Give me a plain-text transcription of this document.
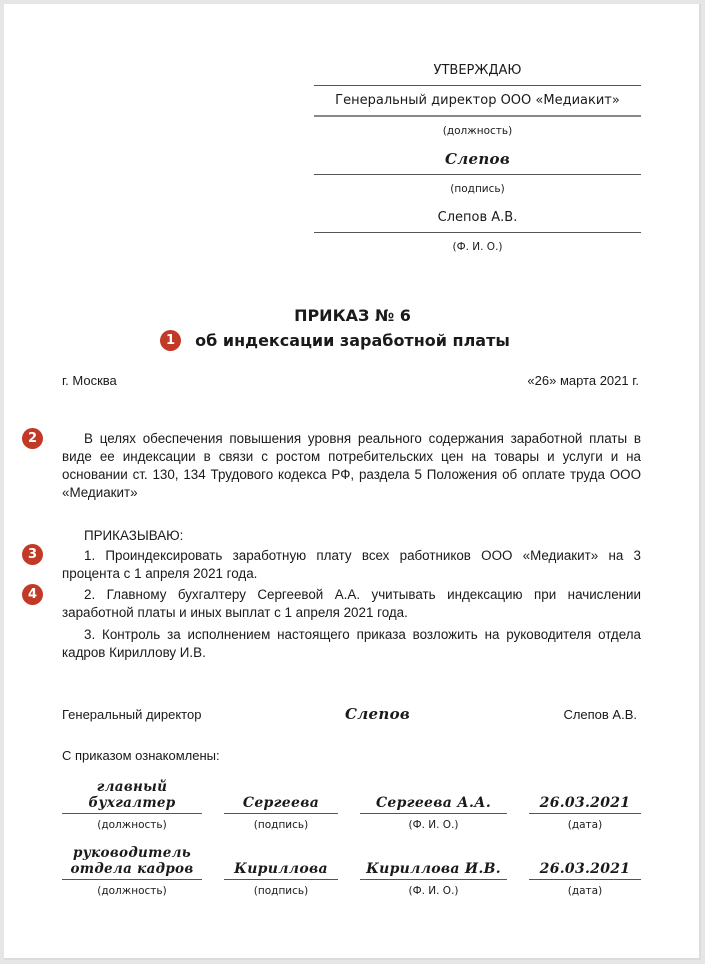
УТВЕРЖДАЮ
Генеральный директор ООО «Медиакит»
(должность)
Слепов
(подпись)
Слепов А.В.
(Ф. И. О.)
ПРИКАЗ № 6
об индексации заработной платы
1
г. Москва	«26» марта 2021 г.
2	В целях обеспечения повышения уровня реального содержания заработной платы в виде ее индексации в связи с ростом потребительских цен на товары и услуги и на основании ст. 130, 134 Трудового кодекса РФ, раздела 5 Положения об оплате труда ООО «Медиакит»
ПРИКАЗЫВАЮ:
3	1. Проиндексировать заработную плату всех работников ООО «Медиакит» на 3 процента с 1 апреля 2021 года.
4	2. Главному бухгалтеру Сергеевой А.А. учитывать индексацию при начислении заработной платы и иных выплат с 1 апреля 2021 года.
3. Контроль за исполнением настоящего приказа возложить на руководителя отдела кадров Кириллову И.В.
Генеральный директор	Слепов	Слепов А.В.
С приказом ознакомлены:
главный
бухгалтер
(должность)
Сергеева
(подпись)
Сергеева А.А.
(Ф. И. О.)
26.03.2021
(дата)
руководитель
отдела кадров
(должность)
Кириллова
(подпись)
Кириллова И.В.
(Ф. И. О.)
26.03.2021
(дата)
